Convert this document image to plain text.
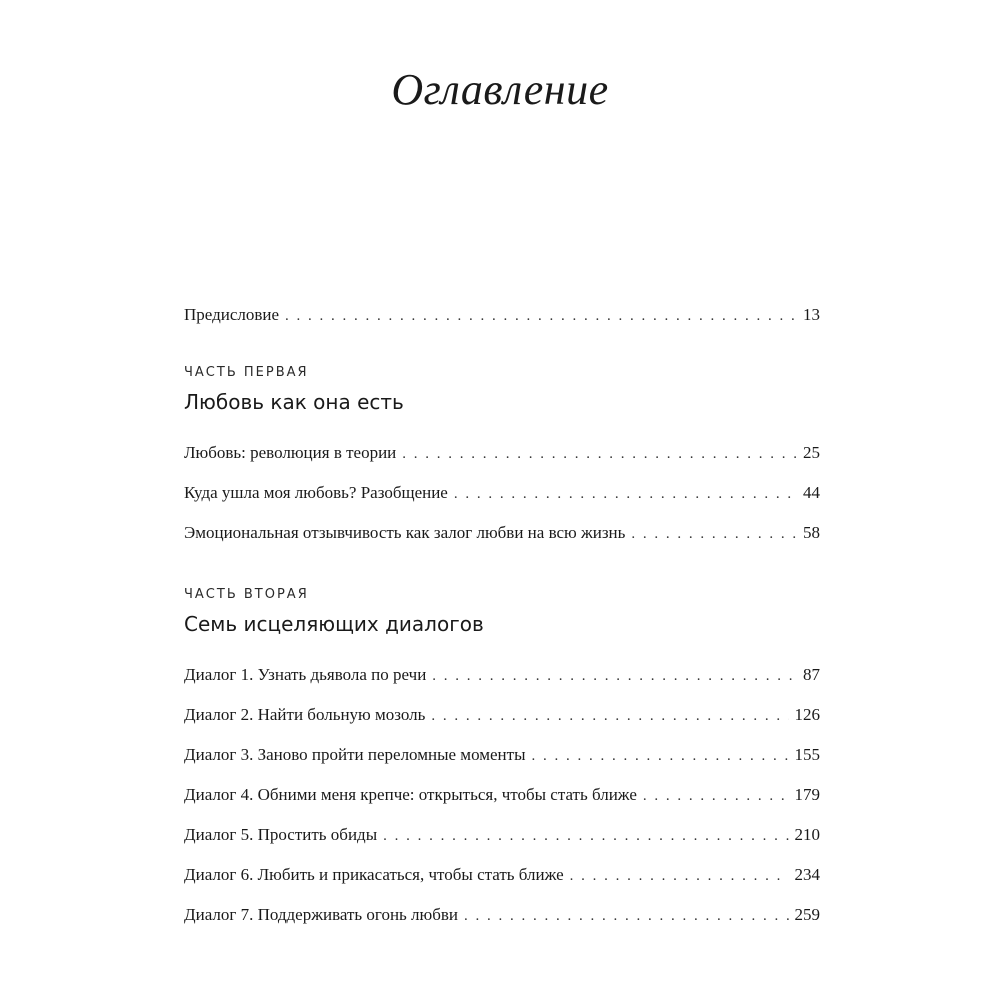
Оглавление
Предисловие . . .	13

ЧАСТЬ ПЕРВАЯ

Любовь как она есть
Любовь: революция в теории . . .	25
Куда ушла моя любовь? Разобщение . . .	44
Эмоциональная отзывчивость как залог любви на всю жизнь . . .	58

ЧАСТЬ ВТОРАЯ

Семь исцеляющих диалогов
Диалог 1. Узнать дьявола по речи . . .	87
Диалог 2. Найти больную мозоль . . .	126
Диалог 3. Заново пройти переломные моменты . . .	155
Диалог 4. Обними меня крепче: открыться, чтобы стать ближе . . .	179
Диалог 5. Простить обиды . . .	210
Диалог 6. Любить и прикасаться, чтобы стать ближе . . .	234
Диалог 7. Поддерживать огонь любви . . .	259
